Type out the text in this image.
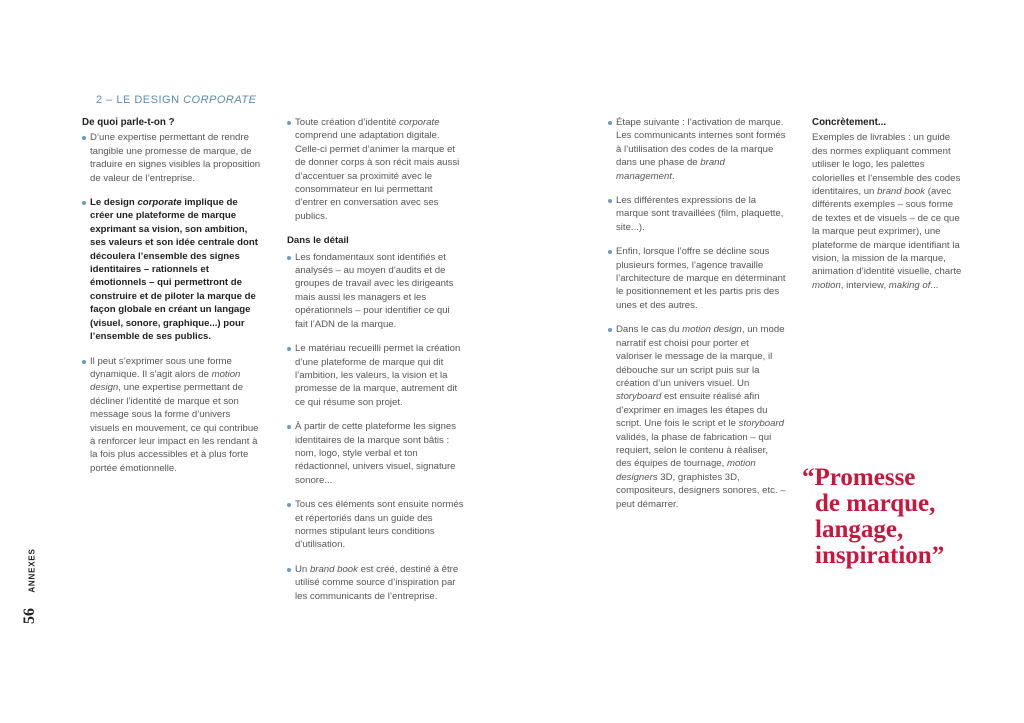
2 – LE DESIGN CORPORATE
De quoi parle-t-on ?
D’une expertise permettant de rendre tangible une promesse de marque, de traduire en signes visibles la proposition de valeur de l’entreprise.
Le design corporate implique de créer une plateforme de marque exprimant sa vision, son ambition, ses valeurs et son idée centrale dont découlera l’ensemble des signes identitaires – rationnels et émotionnels – qui permettront de construire et de piloter la marque de façon globale en créant un langage (visuel, sonore, graphique...) pour l’ensemble de ses publics.
Il peut s’exprimer sous une forme dynamique. Il s’agit alors de motion design, une expertise permettant de décliner l’identité de marque et son message sous la forme d’univers visuels en mouvement, ce qui contribue à renforcer leur impact en les rendant à la fois plus accessibles et à plus forte portée émotionnelle.
Toute création d’identité corporate comprend une adaptation digitale. Celle-ci permet d’animer la marque et de donner corps à son récit mais aussi d’accentuer sa proximité avec le consommateur en lui permettant d’entrer en conversation avec ses publics.
Dans le détail
Les fondamentaux sont identifiés et analysés – au moyen d’audits et de groupes de travail avec les dirigeants mais aussi les managers et les opérationnels – pour identifier ce qui fait l’ADN de la marque.
Le matériau recueilli permet la création d’une plateforme de marque qui dit l’ambition, les valeurs, la vision et la promesse de la marque, autrement dit ce qui résume son projet.
À partir de cette plateforme les signes identitaires de la marque sont bâtis : nom, logo, style verbal et ton rédactionnel, univers visuel, signature sonore...
Tous ces éléments sont ensuite normés et répertoriés dans un guide des normes stipulant leurs conditions d’utilisation.
Un brand book est créé, destiné à être utilisé comme source d’inspiration par les communicants de l’entreprise.
Étape suivante : l’activation de marque. Les communicants internes sont formés à l’utilisation des codes de la marque dans une phase de brand management.
Les différentes expressions de la marque sont travaillées (film, plaquette, site...).
Enfin, lorsque l’offre se décline sous plusieurs formes, l’agence travaille l’architecture de marque en déterminant le positionnement et les partis pris des unes et des autres.
Dans le cas du motion design, un mode narratif est choisi pour porter et valoriser le message de la marque, il débouche sur un script puis sur la création d’un univers visuel. Un storyboard est ensuite réalisé afin d’exprimer en images les étapes du script. Une fois le script et le storyboard validés, la phase de fabrication – qui requiert, selon le contenu à réaliser, des équipes de tournage, motion designers 3D, graphistes 3D, compositeurs, designers sonores, etc. – peut démarrer.
Concrètement...
Exemples de livrables : un guide des normes expliquant comment utiliser le logo, les palettes colorielles et l’ensemble des codes identitaires, un brand book (avec différents exemples – sous forme de textes et de visuels – de ce que la marque peut exprimer), une plateforme de marque identifiant la vision, la mission de la marque, animation d’identité visuelle, charte motion, interview, making of...
“Promesse
de marque,
langage,
inspiration”
ANNEXES
56
